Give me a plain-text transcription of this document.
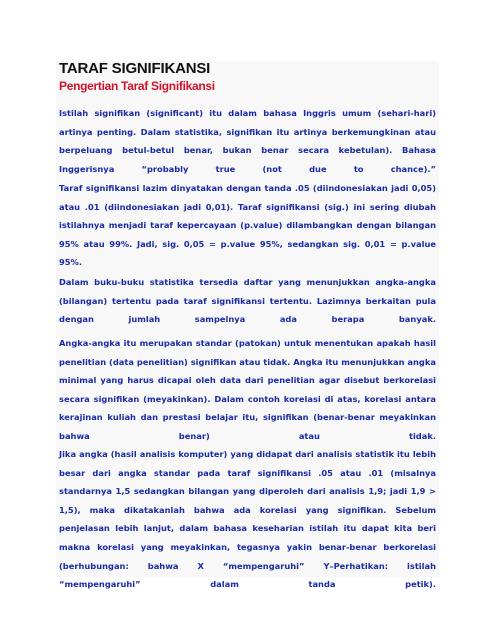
TARAF SIGNIFIKANSI
Pengertian Taraf Signifikansi

Istilah signifikan (significant) itu dalam bahasa Inggris umum (sehari-hari) artinya penting. Dalam statistika, signifikan itu artinya berkemungkinan atau berpeluang betul-betul benar, bukan benar secara kebetulan). Bahasa Inggerisnya “probably true (not due to chance).”

Taraf signifikansi lazim dinyatakan dengan tanda .05 (diindonesiakan jadi 0,05) atau .01 (diindonesiakan jadi 0,01). Taraf signifikansi (sig.) ini sering diubah istilahnya menjadi taraf kepercayaan (p.value) dilambangkan dengan bilangan 95% atau 99%. Jadi, sig. 0,05 = p.value 95%, sedangkan sig. 0,01 = p.value 95%.

Dalam buku-buku statistika tersedia daftar yang menunjukkan angka-angka (bilangan) tertentu pada taraf signifikansi tertentu. Lazimnya berkaitan pula dengan jumlah sampelnya ada berapa banyak.

Angka-angka itu merupakan standar (patokan) untuk menentukan apakah hasil penelitian (data penelitian) signifikan atau tidak. Angka itu menunjukkan angka minimal yang harus dicapai oleh data dari penelitian agar disebut berkorelasi secara signifikan (meyakinkan). Dalam contoh korelasi di atas, korelasi antara kerajinan kuliah dan prestasi belajar itu, signifikan (benar-benar meyakinkan bahwa benar) atau tidak.

Jika angka (hasil analisis komputer) yang didapat dari analisis statistik itu lebih besar dari angka standar pada taraf signifikansi .05 atau .01 (misalnya standarnya 1,5 sedangkan bilangan yang diperoleh dari analisis 1,9; jadi 1,9 > 1,5), maka dikatakanlah bahwa ada korelasi yang signifikan. Sebelum penjelasan lebih lanjut, dalam bahasa keseharian istilah itu dapat kita beri makna korelasi yang meyakinkan, tegasnya yakin benar-benar berkorelasi (berhubungan: bahwa X “mempengaruhi” Y–Perhatikan: istilah “mempengaruhi” dalam tanda petik).
